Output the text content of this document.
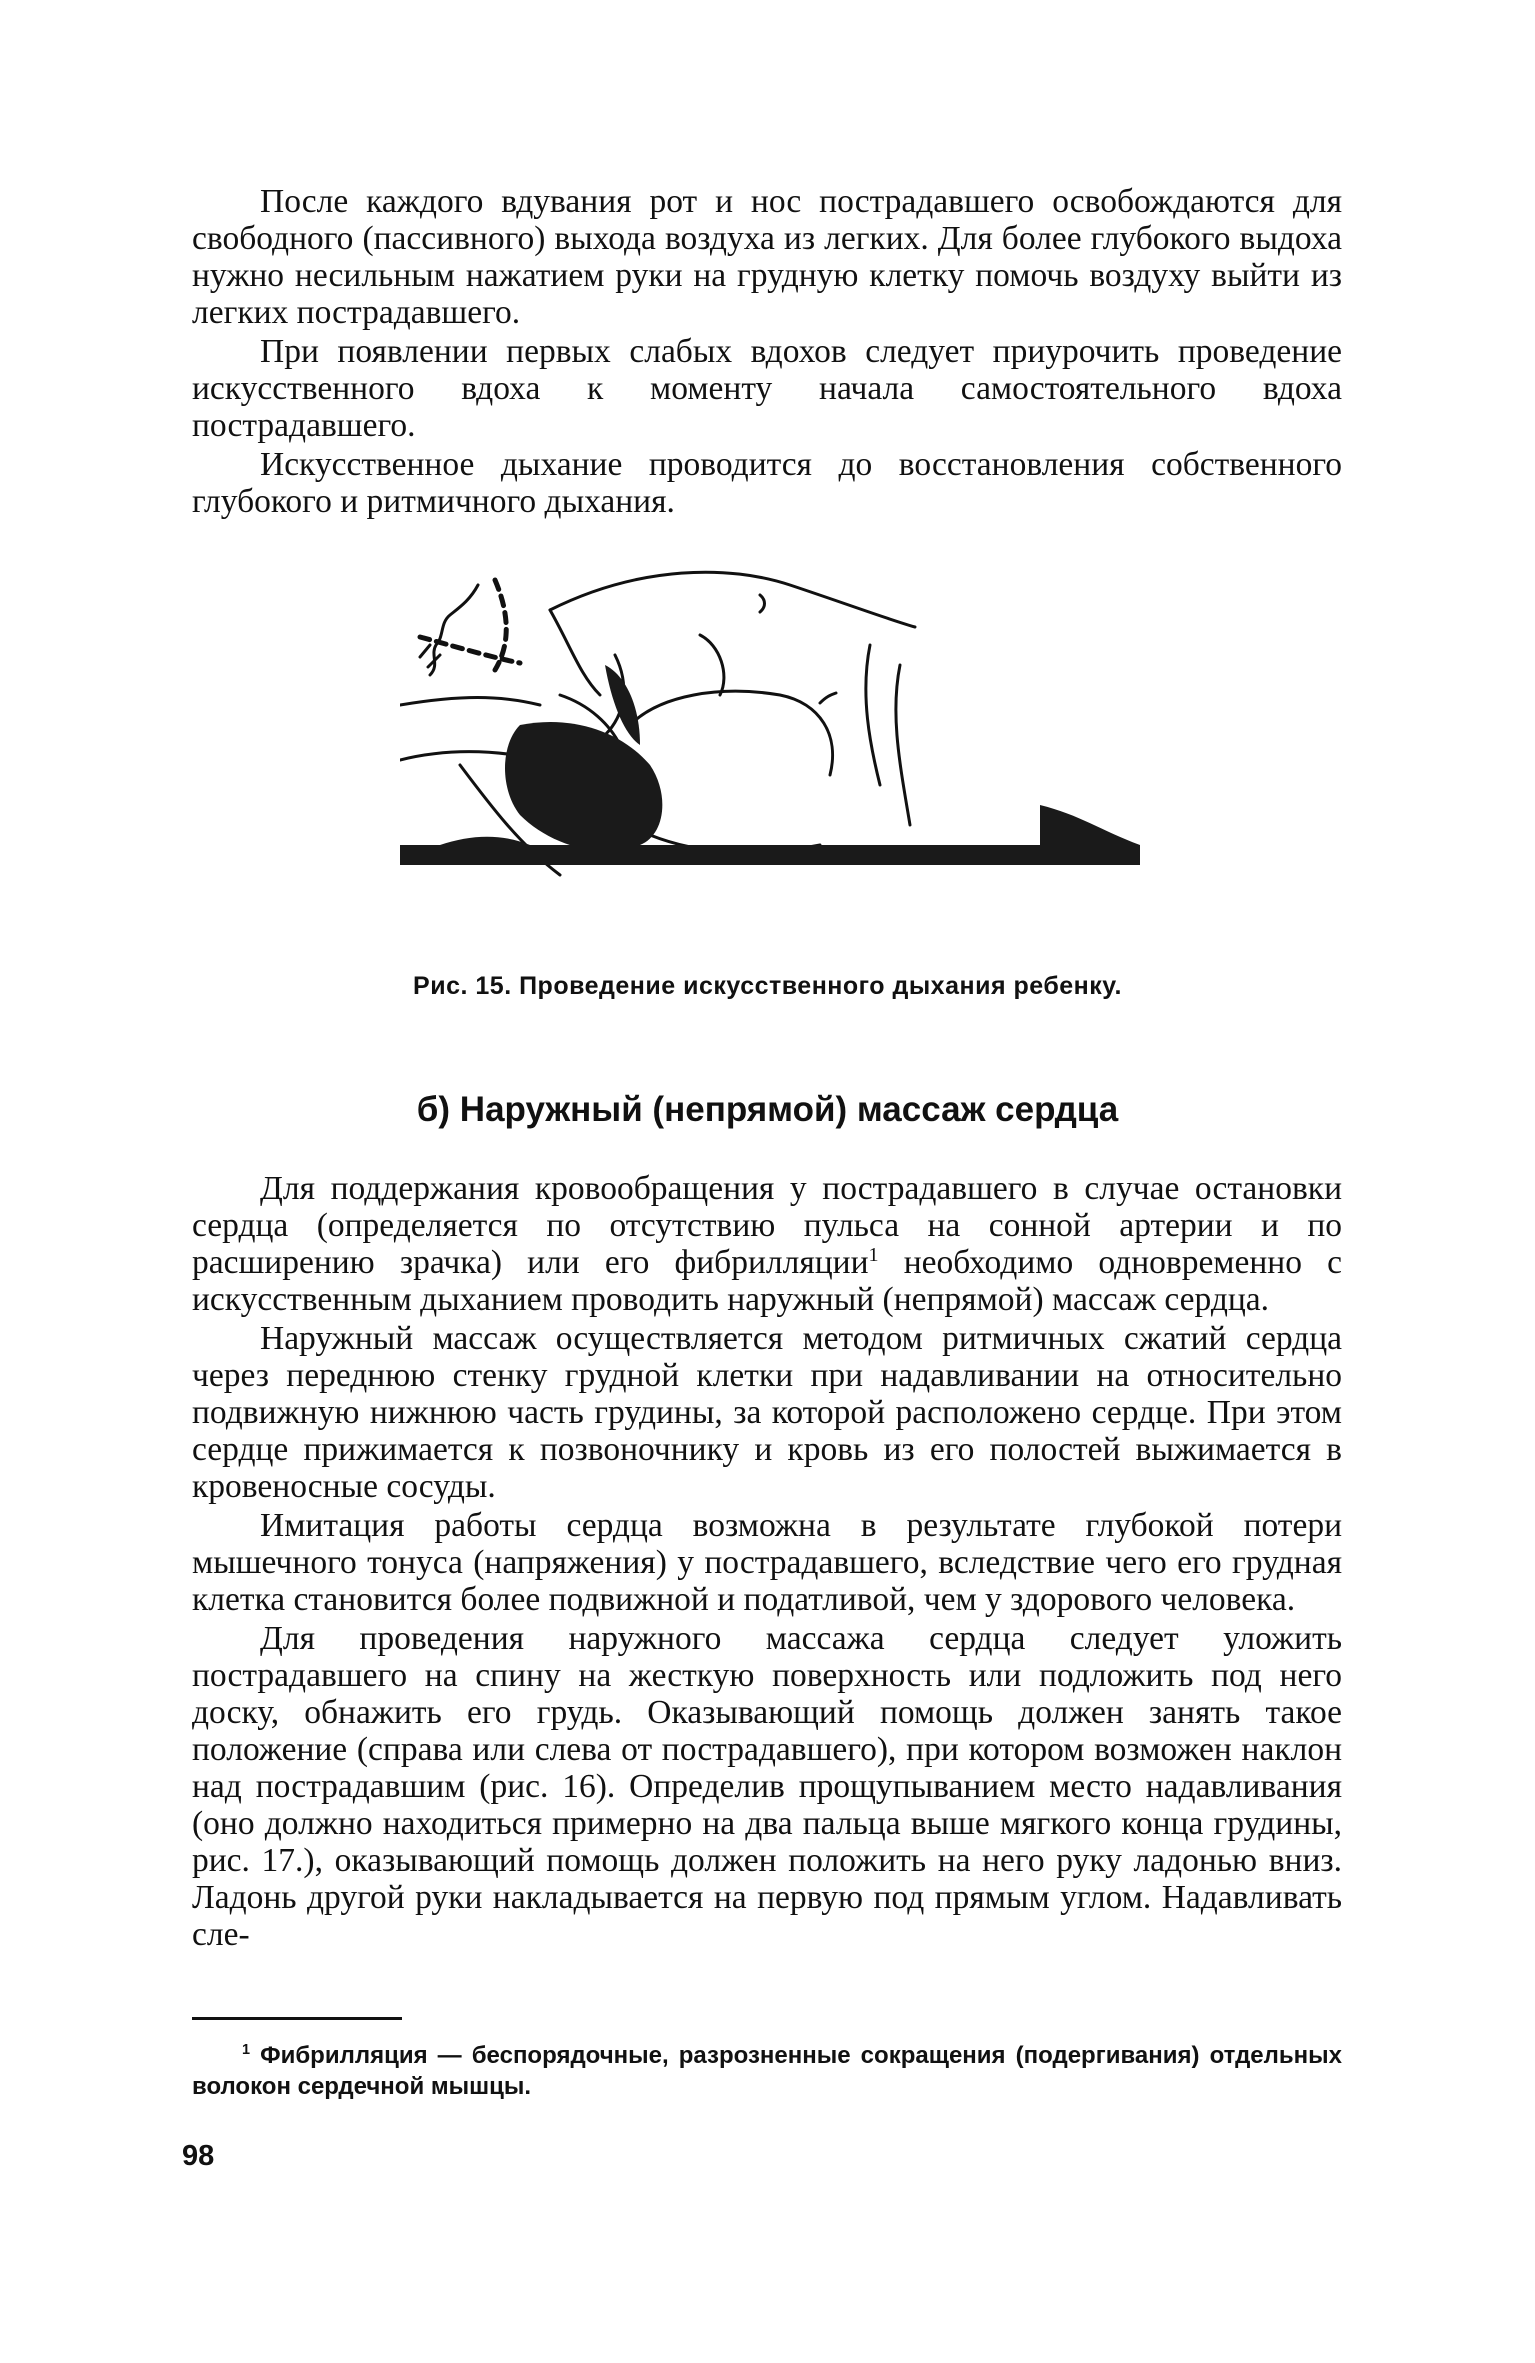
После каждого вдувания рот и нос пострадавшего освобождаются для свободного (пассивного) выхода воздуха из легких. Для более глубокого выдоха нужно несильным нажатием руки на грудную клетку помочь воздуху выйти из легких пострадавшего.

При появлении первых слабых вдохов следует приурочить проведение искусственного вдоха к моменту начала самостоятельного вдоха пострадавшего.

Искусственное дыхание проводится до восстановления собственного глубокого и ритмичного дыхания.

Рис. 15. Проведение искусственного дыхания ребенку.
б) Наружный (непрямой) массаж сердца

Для поддержания кровообращения у пострадавшего в случае остановки сердца (определяется по отсутствию пульса на сонной артерии и по расширению зрачка) или его фибрилляции$^1$ необходимо одновременно с искусственным дыханием проводить наружный (непрямой) массаж сердца.

Наружный массаж осуществляется методом ритмичных сжатий сердца через переднюю стенку грудной клетки при надавливании на относительно подвижную нижнюю часть грудины, за которой расположено сердце. При этом сердце прижимается к позвоночнику и кровь из его полостей выжимается в кровеносные сосуды.

Имитация работы сердца возможна в результате глубокой потери мышечного тонуса (напряжения) у пострадавшего, вследствие чего его грудная клетка становится более подвижной и податливой, чем у здорового человека.

Для проведения наружного массажа сердца следует уложить пострадавшего на спину на жесткую поверхность или подложить под него доску, обнажить его грудь. Оказывающий помощь должен занять такое положение (справа или слева от пострадавшего), при котором возможен наклон над пострадавшим (рис. 16). Определив прощупыванием место надавливания (оно должно находиться примерно на два пальца выше мягкого конца грудины, рис. 17.), оказывающий помощь должен положить на него руку ладонью вниз. Ладонь другой руки накладывается на первую под прямым углом. Надавливать сле-

$^1$ Фибрилляция — беспорядочные, разрозненные сокращения (подергивания) отдельных волокон сердечной мышцы.
98
